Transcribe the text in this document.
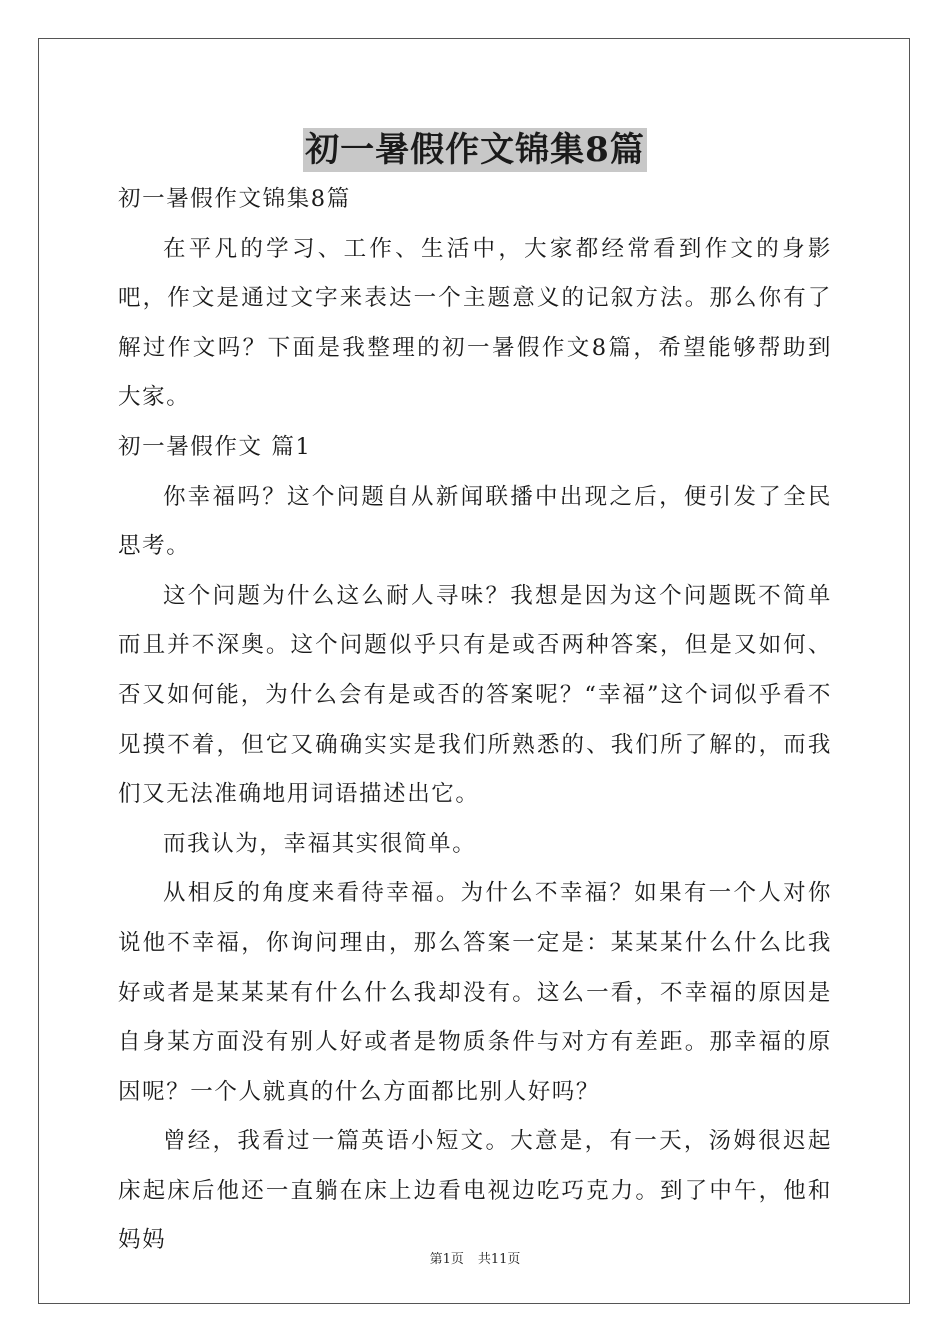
初一暑假作文锦集8篇

初一暑假作文锦集8篇

在平凡的学习、工作、生活中，大家都经常看到作文的身影吧，作文是通过文字来表达一个主题意义的记叙方法。那么你有了解过作文吗？下面是我整理的初一暑假作文8篇，希望能够帮助到大家。

初一暑假作文 篇1

你幸福吗？这个问题自从新闻联播中出现之后，便引发了全民思考。

这个问题为什么这么耐人寻味？我想是因为这个问题既不简单而且并不深奥。这个问题似乎只有是或否两种答案，但是又如何、否又如何能，为什么会有是或否的答案呢？“幸福”这个词似乎看不见摸不着，但它又确确实实是我们所熟悉的、我们所了解的，而我们又无法准确地用词语描述出它。

而我认为，幸福其实很简单。

从相反的角度来看待幸福。为什么不幸福？如果有一个人对你说他不幸福，你询问理由，那么答案一定是：某某某什么什么比我好或者是某某某有什么什么我却没有。这么一看，不幸福的原因是自身某方面没有别人好或者是物质条件与对方有差距。那幸福的原因呢？一个人就真的什么方面都比别人好吗？

曾经，我看过一篇英语小短文。大意是，有一天，汤姆很迟起床起床后他还一直躺在床上边看电视边吃巧克力。到了中午，他和妈妈

第1页 共11页
